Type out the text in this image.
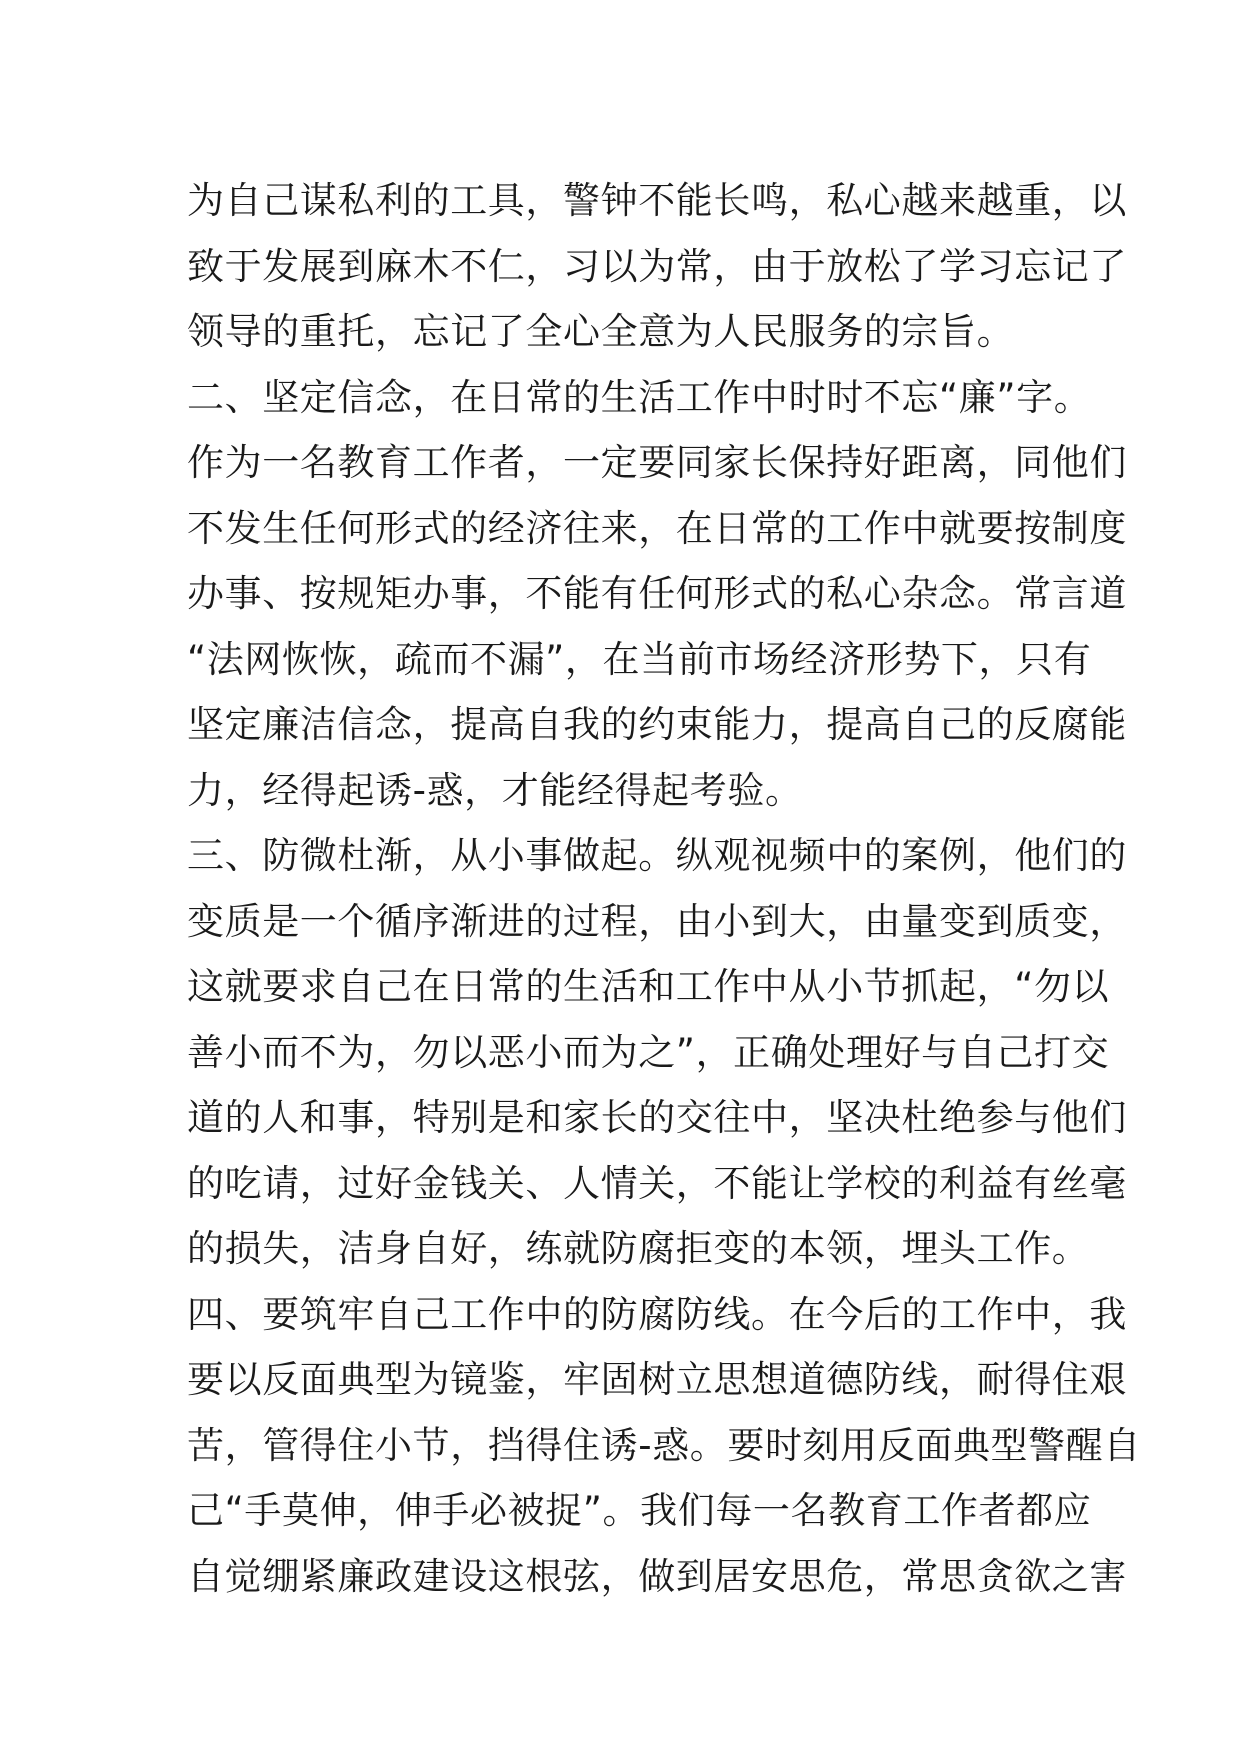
为自己谋私利的工具，警钟不能长鸣，私心越来越重，以
致于发展到麻木不仁，习以为常，由于放松了学习忘记了
领导的重托，忘记了全心全意为人民服务的宗旨。
二、坚定信念，在日常的生活工作中时时不忘“廉”字。
作为一名教育工作者，一定要同家长保持好距离，同他们
不发生任何形式的经济往来，在日常的工作中就要按制度
办事、按规矩办事，不能有任何形式的私心杂念。常言道
“法网恢恢，疏而不漏”，在当前市场经济形势下，只有
坚定廉洁信念，提高自我的约束能力，提高自己的反腐能
力，经得起诱-惑，才能经得起考验。
三、防微杜渐，从小事做起。纵观视频中的案例，他们的
变质是一个循序渐进的过程，由小到大，由量变到质变，
这就要求自己在日常的生活和工作中从小节抓起，“勿以
善小而不为，勿以恶小而为之”，正确处理好与自己打交
道的人和事，特别是和家长的交往中，坚决杜绝参与他们
的吃请，过好金钱关、人情关，不能让学校的利益有丝毫
的损失，洁身自好，练就防腐拒变的本领，埋头工作。
四、要筑牢自己工作中的防腐防线。在今后的工作中，我
要以反面典型为镜鉴，牢固树立思想道德防线，耐得住艰
苦，管得住小节，挡得住诱-惑。要时刻用反面典型警醒自
己“手莫伸，伸手必被捉”。我们每一名教育工作者都应
自觉绷紧廉政建设这根弦，做到居安思危，常思贪欲之害
